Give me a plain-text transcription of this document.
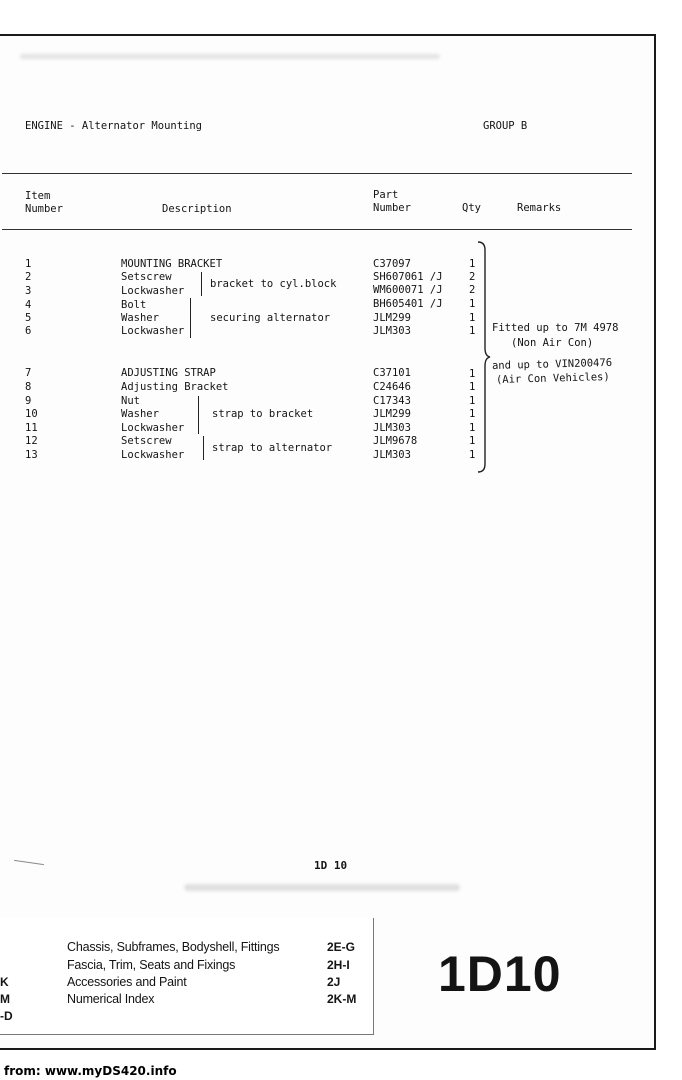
ENGINE - Alternator Mounting	GROUP B
Item
Number	Description
Part
Number	Qty	Remarks
1	MOUNTING BRACKET	C37097	1
2	Setscrew	SH607061 /J	2
3	Lockwasher	WM600071 /J	2
4	Bolt	BH605401 /J	1
5	Washer	JLM299	1
6	Lockwasher	JLM303	1
7	ADJUSTING STRAP	C37101	1
8	Adjusting Bracket	C24646	1
9	Nut	C17343	1
10	Washer	JLM299	1
11	Lockwasher	JLM303	1
12	Setscrew	JLM9678	1
13	Lockwasher	JLM303	1
bracket to cyl.block
securing alternator
strap to bracket
strap to alternator
Fitted up to 7M 4978
(Non Air Con)
and up to VIN200476
(Air Con Vehicles)
1D 10
Chassis, Subframes, Bodyshell, Fittings	2E-G
Fascia, Trim, Seats and Fixings	2H-I
K	Accessories and Paint	2J
M	Numerical Index	2K-M
-D
1D10
from: www.myDS420.info
